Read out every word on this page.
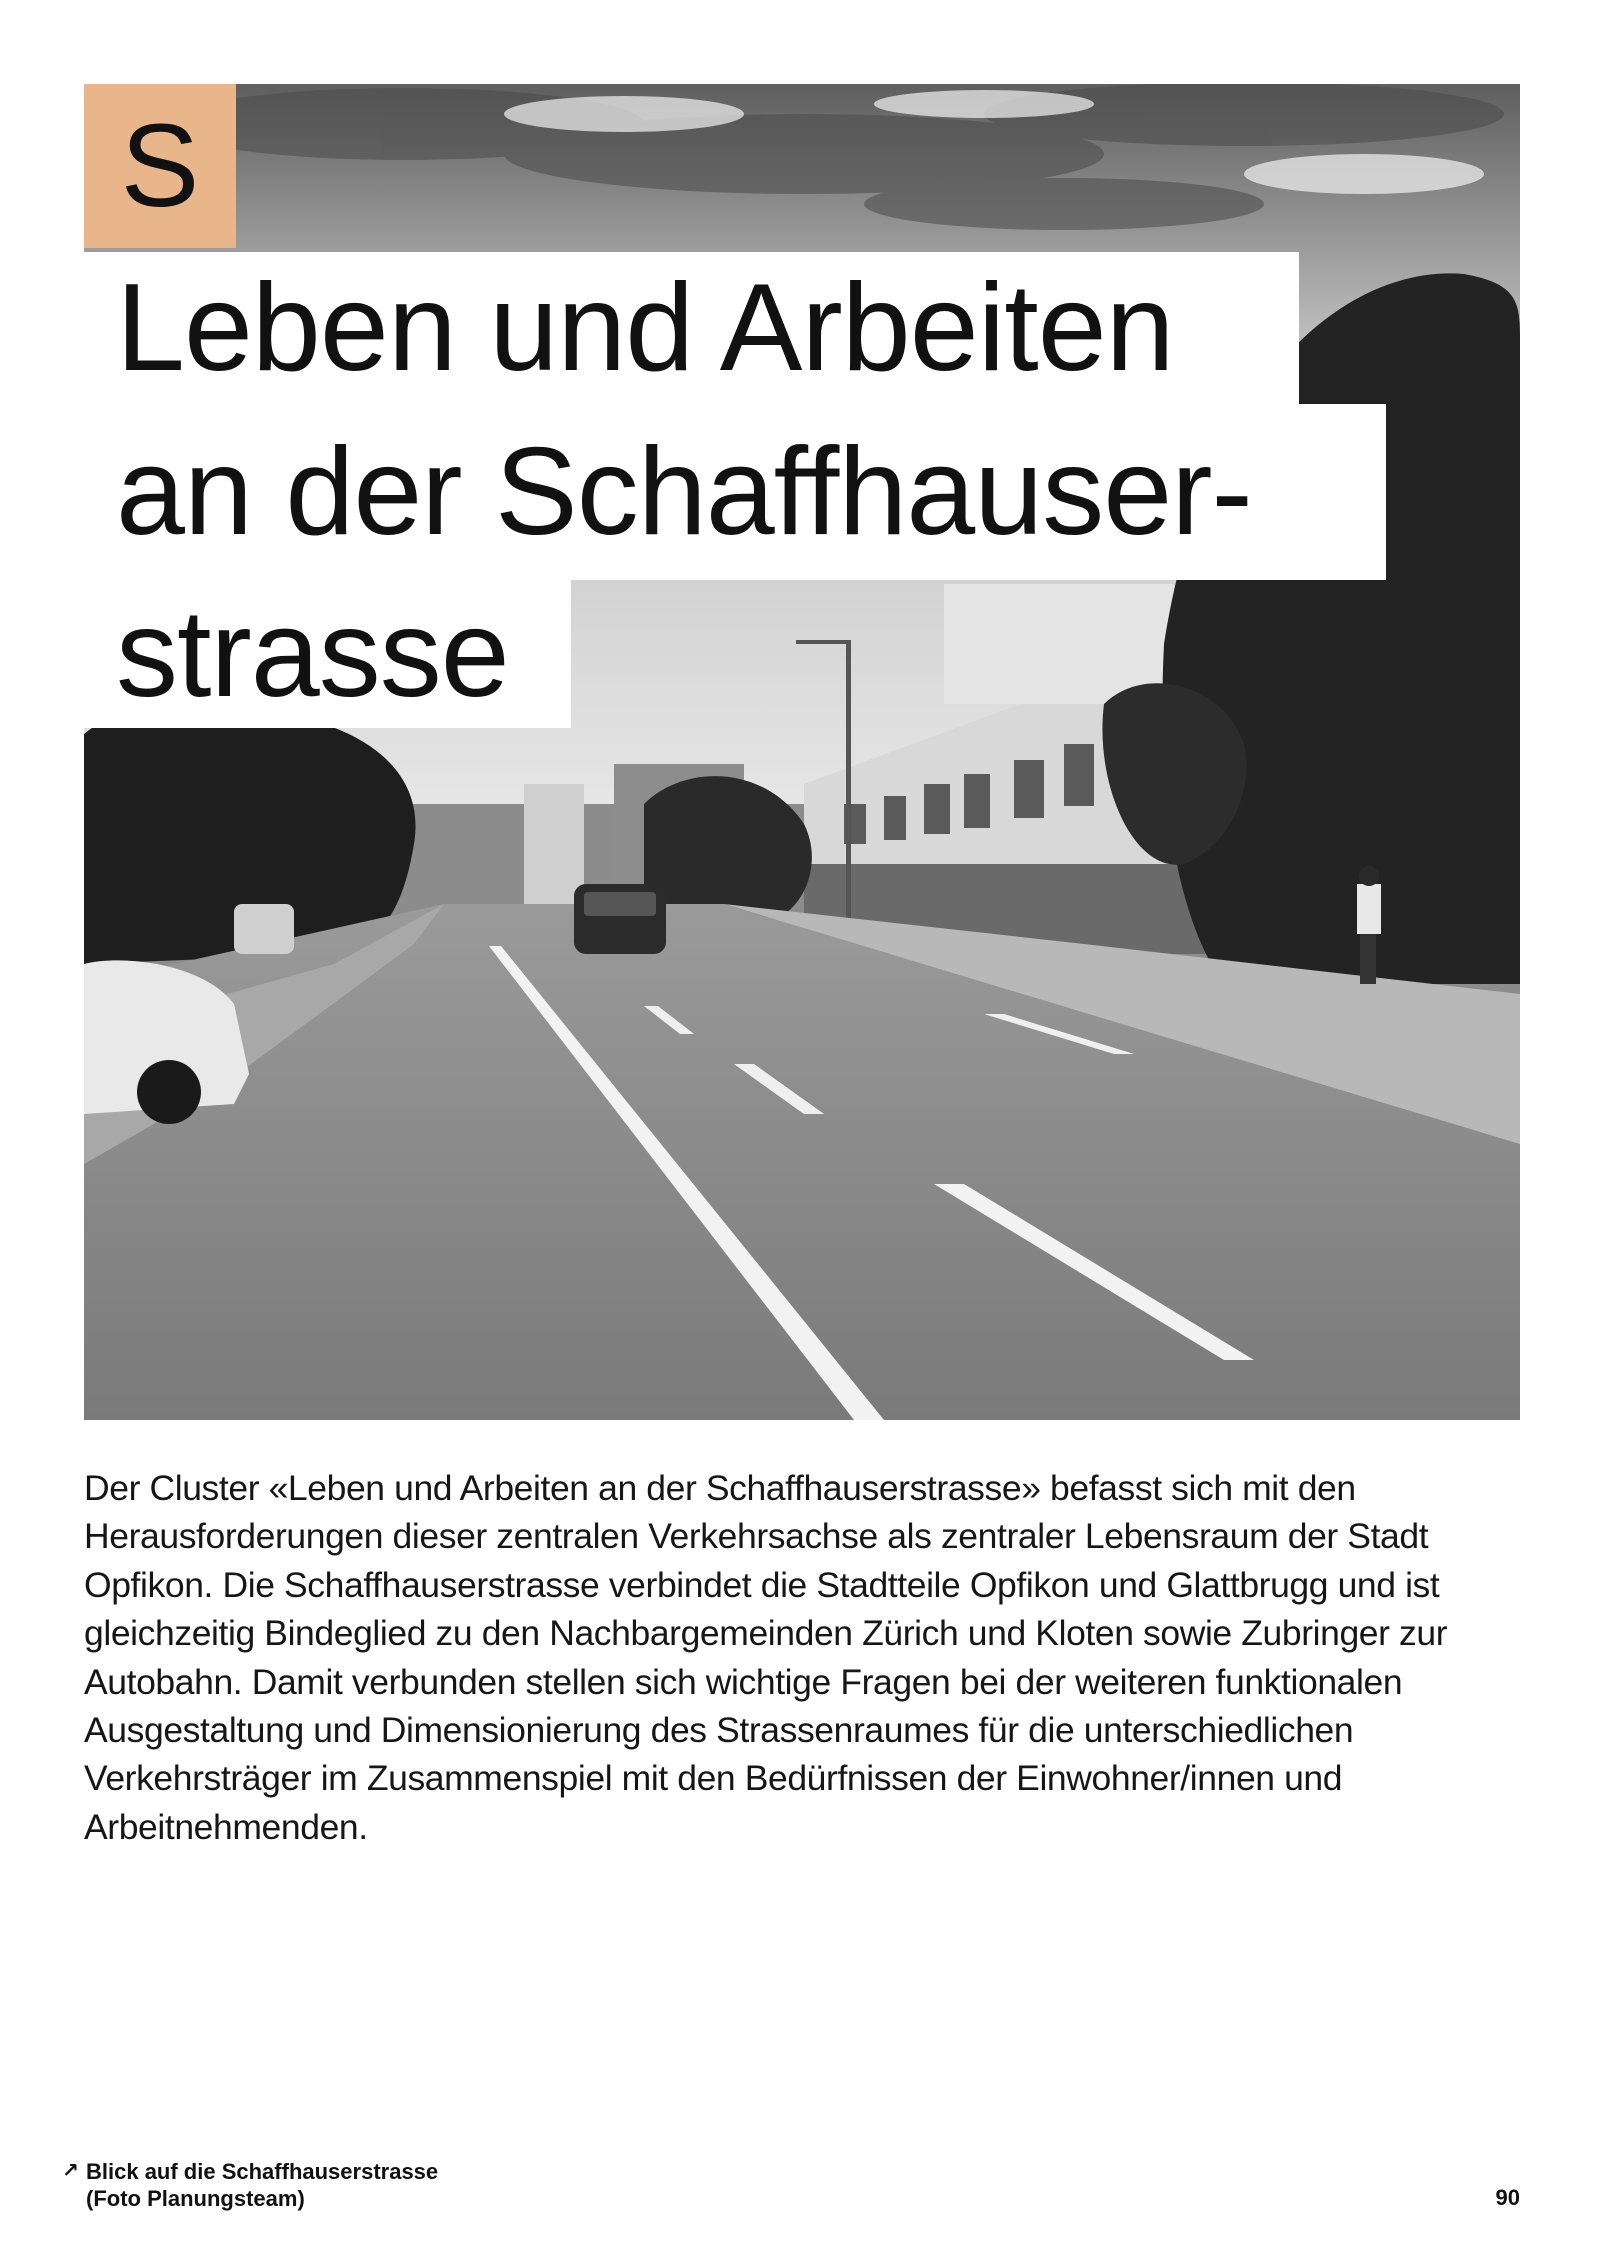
S
Leben und Arbeiten
an der Schaffhauser-
strasse

Der Cluster «Leben und Arbeiten an der Schaffhauserstrasse» befasst sich mit den Herausforderungen dieser zentralen Verkehrsachse als zentraler Lebensraum der Stadt Opfikon. Die Schaffhauserstrasse verbindet die Stadtteile Opfikon und Glattbrugg und ist gleichzeitig Bindeglied zu den Nachbargemeinden Zürich und Kloten sowie Zubringer zur Autobahn. Damit verbunden stellen sich wichtige Fragen bei der weiteren funktionalen Ausgestaltung und Dimensionierung des Strassenraumes für die unterschiedlichen Verkehrsträger im Zusammenspiel mit den Bedürfnissen der Einwohner/innen und Arbeitnehmenden.

↗ Blick auf die Schaffhauserstrasse
(Foto Planungsteam)	90
